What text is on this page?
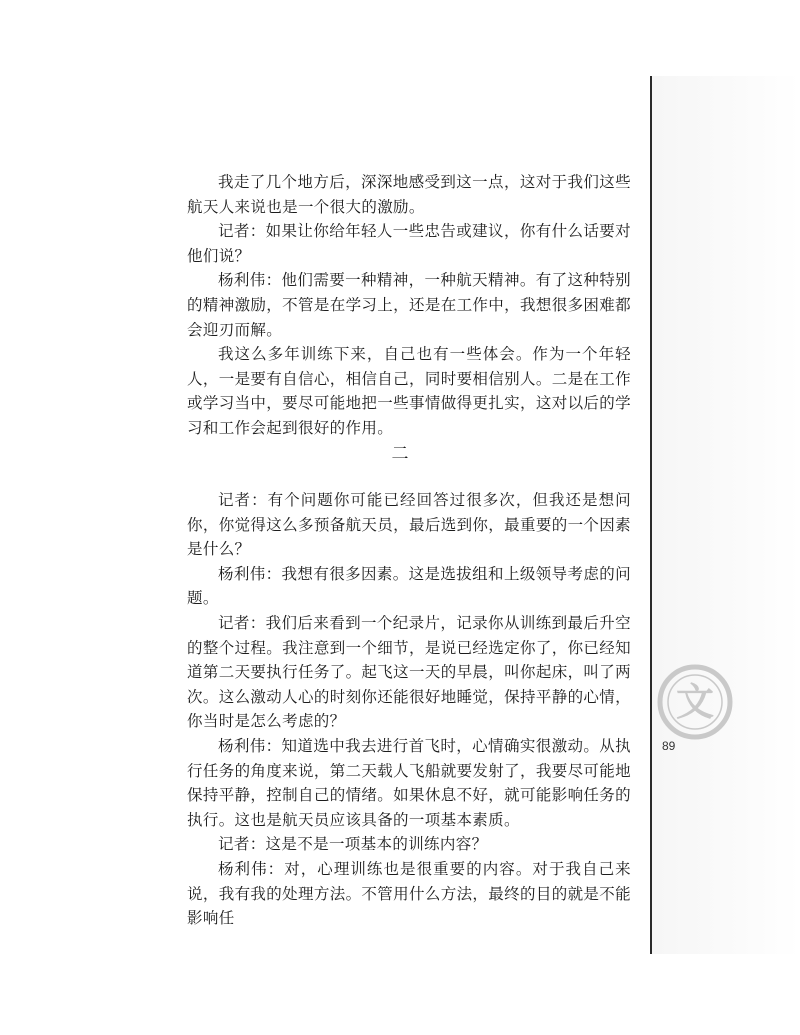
我走了几个地方后，深深地感受到这一点，这对于我们这些航天人来说也是一个很大的激励。

记者：如果让你给年轻人一些忠告或建议，你有什么话要对他们说？

杨利伟：他们需要一种精神，一种航天精神。有了这种特别的精神激励，不管是在学习上，还是在工作中，我想很多困难都会迎刃而解。

我这么多年训练下来，自己也有一些体会。作为一个年轻人，一是要有自信心，相信自己，同时要相信别人。二是在工作或学习当中，要尽可能地把一些事情做得更扎实，这对以后的学习和工作会起到很好的作用。

二

记者：有个问题你可能已经回答过很多次，但我还是想问你，你觉得这么多预备航天员，最后选到你，最重要的一个因素是什么？

杨利伟：我想有很多因素。这是选拔组和上级领导考虑的问题。

记者：我们后来看到一个纪录片，记录你从训练到最后升空的整个过程。我注意到一个细节，是说已经选定你了，你已经知道第二天要执行任务了。起飞这一天的早晨，叫你起床，叫了两次。这么激动人心的时刻你还能很好地睡觉，保持平静的心情，你当时是怎么考虑的？

杨利伟：知道选中我去进行首飞时，心情确实很激动。从执行任务的角度来说，第二天载人飞船就要发射了，我要尽可能地保持平静，控制自己的情绪。如果休息不好，就可能影响任务的执行。这也是航天员应该具备的一项基本素质。

记者：这是不是一项基本的训练内容？

杨利伟：对，心理训练也是很重要的内容。对于我自己来说，我有我的处理方法。不管用什么方法，最终的目的就是不能影响任

文
89
